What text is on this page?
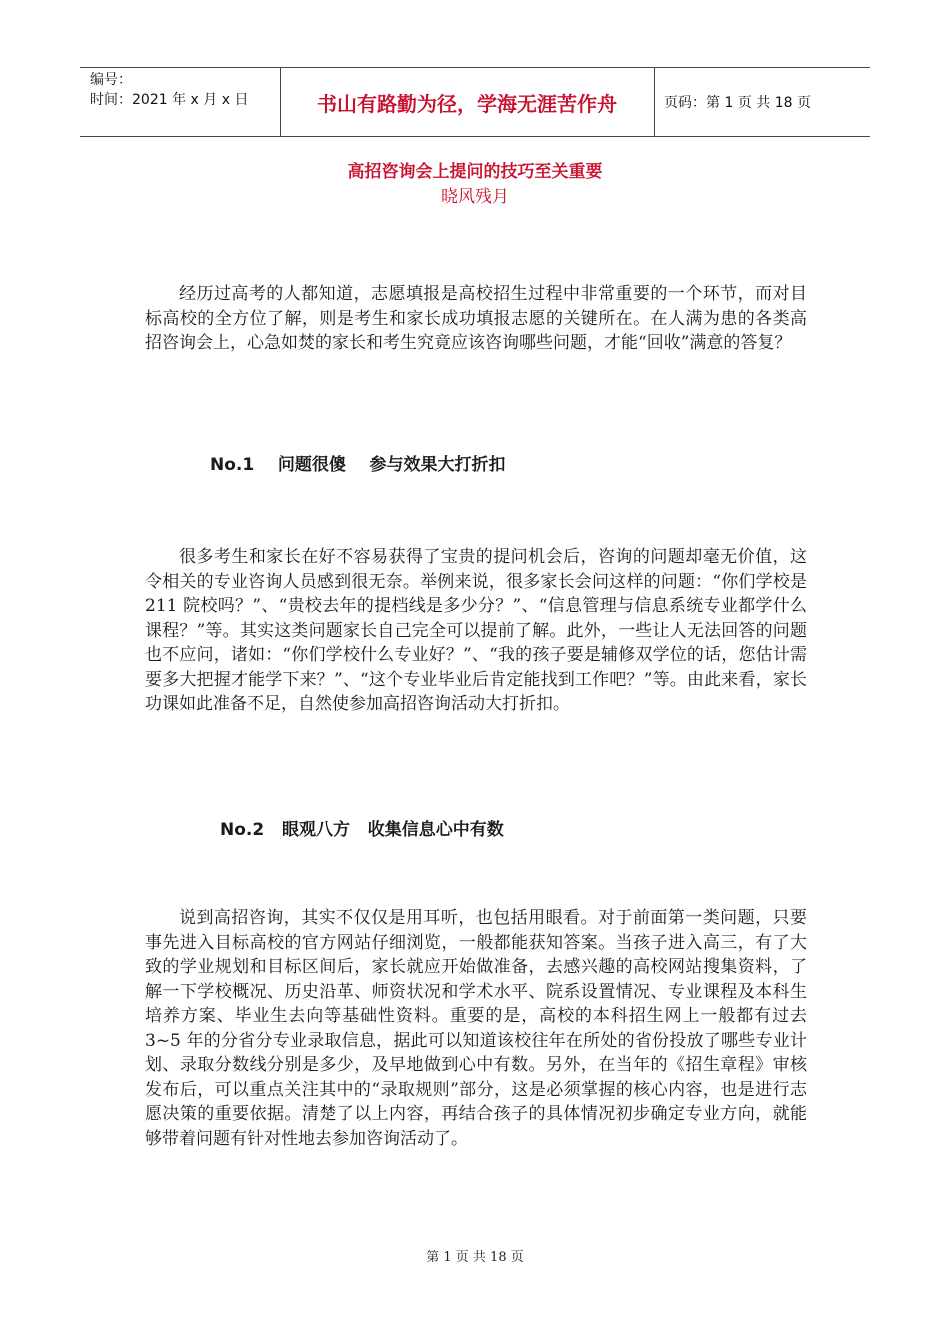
编号：
时间：2021 年 x 月 x 日	书山有路勤为径，学海无涯苦作舟	页码：第 1 页 共 18 页
高招咨询会上提问的技巧至关重要
晓风残月

经历过高考的人都知道，志愿填报是高校招生过程中非常重要的一个环节，而对目标高校的全方位了解，则是考生和家长成功填报志愿的关键所在。在人满为患的各类高招咨询会上，心急如焚的家长和考生究竟应该咨询哪些问题，才能“回收”满意的答复？

No.1    问题很傻    参与效果大打折扣

很多考生和家长在好不容易获得了宝贵的提问机会后，咨询的问题却毫无价值，这令相关的专业咨询人员感到很无奈。举例来说，很多家长会问这样的问题：“你们学校是 211 院校吗？”、“贵校去年的提档线是多少分？”、“信息管理与信息系统专业都学什么课程？”等。其实这类问题家长自己完全可以提前了解。此外，一些让人无法回答的问题也不应问，诸如：“你们学校什么专业好？”、“我的孩子要是辅修双学位的话，您估计需要多大把握才能学下来？”、“这个专业毕业后肯定能找到工作吧？”等。由此来看，家长功课如此准备不足，自然使参加高招咨询活动大打折扣。

No.2   眼观八方   收集信息心中有数

说到高招咨询，其实不仅仅是用耳听，也包括用眼看。对于前面第一类问题，只要事先进入目标高校的官方网站仔细浏览，一般都能获知答案。当孩子进入高三，有了大致的学业规划和目标区间后，家长就应开始做准备，去感兴趣的高校网站搜集资料，了解一下学校概况、历史沿革、师资状况和学术水平、院系设置情况、专业课程及本科生培养方案、毕业生去向等基础性资料。重要的是，高校的本科招生网上一般都有过去 3~5 年的分省分专业录取信息，据此可以知道该校往年在所处的省份投放了哪些专业计划、录取分数线分别是多少，及早地做到心中有数。另外，在当年的《招生章程》审核发布后，可以重点关注其中的“录取规则”部分，这是必须掌握的核心内容，也是进行志愿决策的重要依据。清楚了以上内容，再结合孩子的具体情况初步确定专业方向，就能够带着问题有针对性地去参加咨询活动了。

第 1 页 共 18 页
